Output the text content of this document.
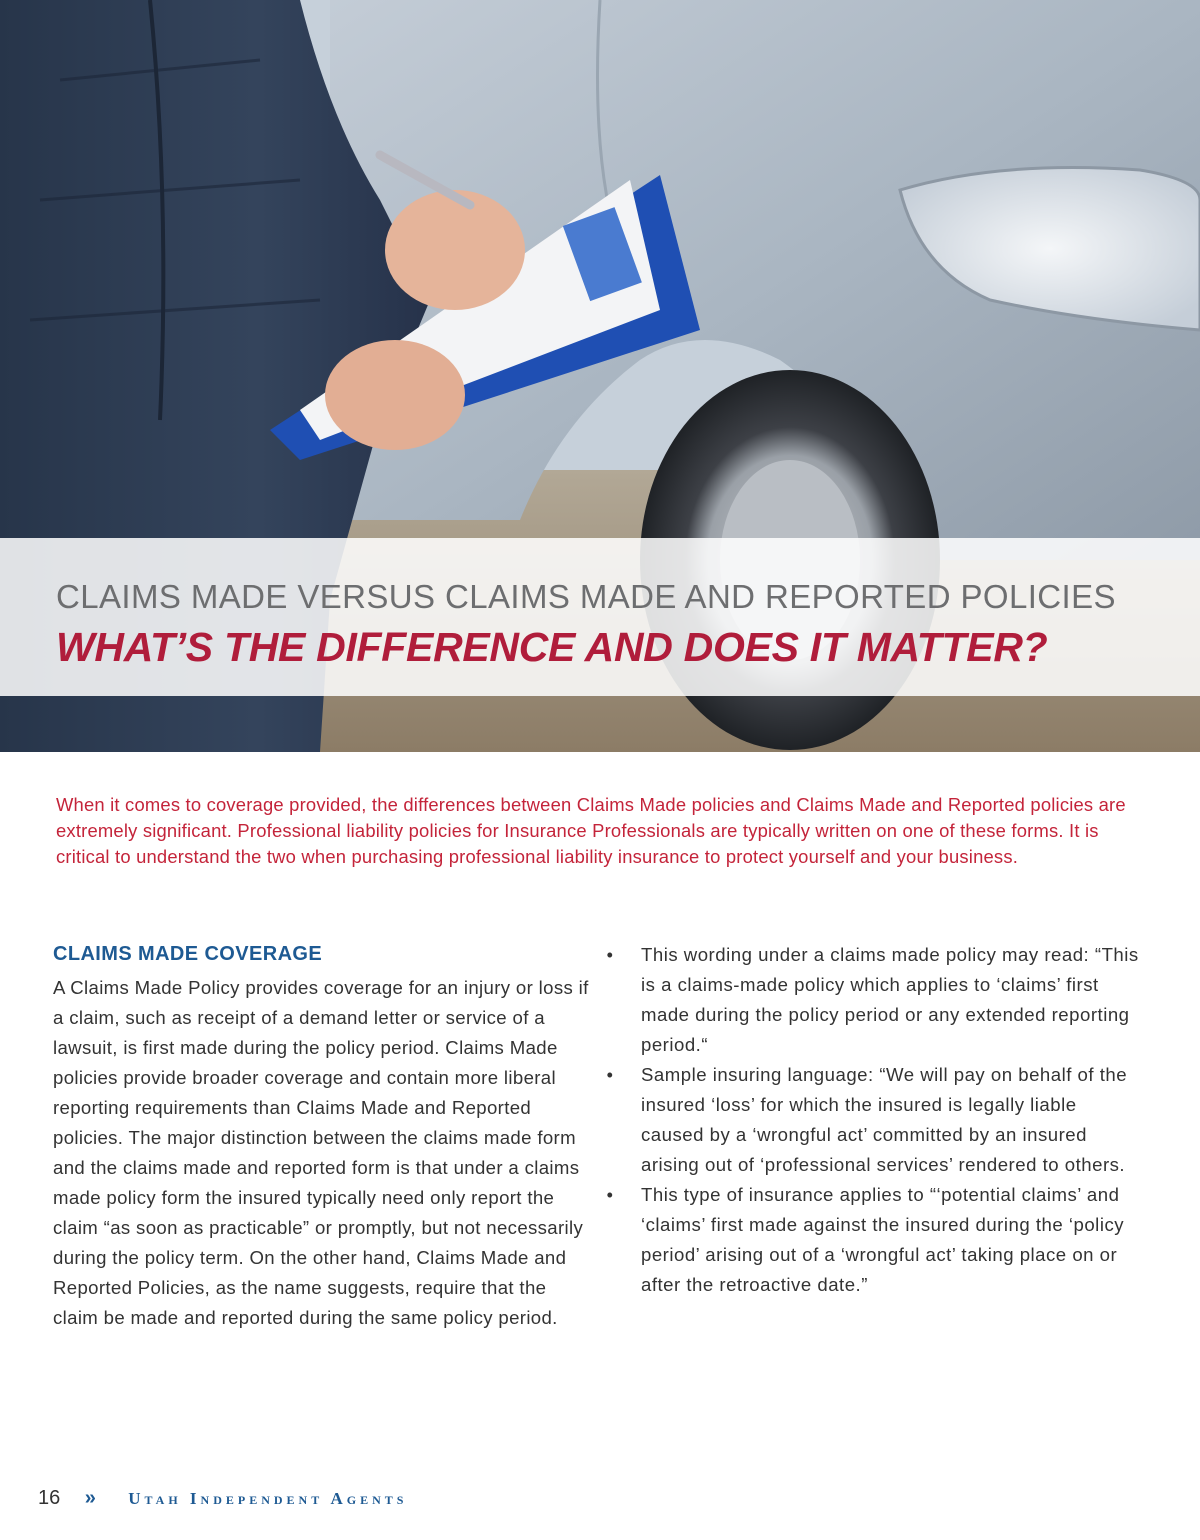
CLAIMS MADE VERSUS CLAIMS MADE AND REPORTED POLICIES
WHAT’S THE DIFFERENCE AND DOES IT MATTER?
When it comes to coverage provided, the differences between Claims Made policies and Claims Made and Reported policies are extremely significant. Professional liability policies for Insurance Professionals are typically written on one of these forms. It is critical to understand the two when purchasing professional liability insurance to protect yourself and your business.
CLAIMS MADE COVERAGE

A Claims Made Policy provides coverage for an injury or loss if a claim, such as receipt of a demand letter or service of a lawsuit, is first made during the policy period. Claims Made policies provide broader coverage and contain more liberal reporting requirements than Claims Made and Reported policies. The major distinction between the claims made form and the claims made and reported form is that under a claims made policy form the insured typically need only report the claim “as soon as practicable” or promptly, but not necessarily during the policy term. On the other hand, Claims Made and Reported Policies, as the name suggests, require that the claim be made and reported during the same policy period.

• This wording under a claims made policy may read: “This is a claims-made policy which applies to ‘claims’ first made during the policy period or any extended reporting period.“
• Sample insuring language: “We will pay on behalf of the insured ‘loss’ for which the insured is legally liable caused by a ‘wrongful act’ committed by an insured arising out of ‘professional services’ rendered to others.
• This type of insurance applies to “‘potential claims’ and ‘claims’ first made against the insured during the ‘policy period’ arising out of a ‘wrongful act’ taking place on or after the retroactive date.”
16 » Utah Independent Agents
